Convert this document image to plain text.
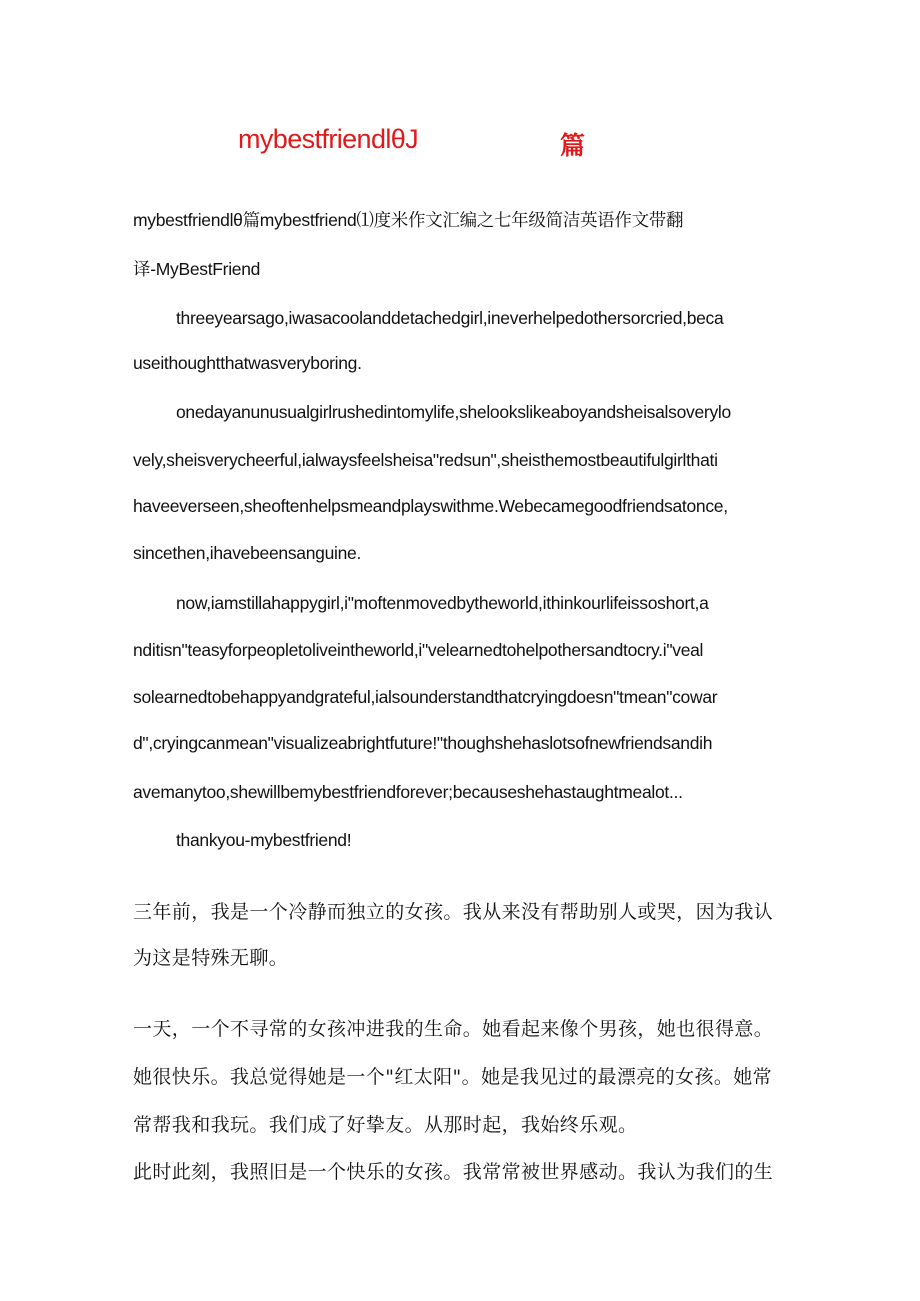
mybestfriendlθJ	篇
mybestfriendlθ篇mybestfriend⑴度米作文汇编之七年级简洁英语作文带翻
译-MyBestFriend
threeyearsago,iwasacoolanddetachedgirl,ineverhelpedothersorcried,beca
useithoughtthatwasveryboring.
onedayanunusualgirlrushedintomylife,shelookslikeaboyandsheisalsoverylo
vely,sheisverycheerful,ialwaysfeelsheisa"redsun",sheisthemostbeautifulgirlthati
haveeverseen,sheoftenhelpsmeandplayswithme.Webecamegoodfriendsatonce,
sincethen,ihavebeensanguine.
now,iamstillahappygirl,i"moftenmovedbytheworld,ithinkourlifeissoshort,a
nditisn"teasyforpeopletoliveintheworld,i"velearnedtohelpothersandtocry.i"veal
solearnedtobehappyandgrateful,ialsounderstandthatcryingdoesn"tmean"cowar
d",cryingcanmean"visualizeabrightfuture!"thoughshehaslotsofnewfriendsandih
avemanytoo,shewillbemybestfriendforever;becauseshehastaughtmealot...
thankyou-mybestfriend!
三年前，我是一个冷静而独立的女孩。我从来没有帮助别人或哭，因为我认
为这是特殊无聊。
一天，一个不寻常的女孩冲进我的生命。她看起来像个男孩，她也很得意。
她很快乐。我总觉得她是一个"红太阳"。她是我见过的最漂亮的女孩。她常
常帮我和我玩。我们成了好挚友。从那时起，我始终乐观。
此时此刻，我照旧是一个快乐的女孩。我常常被世界感动。我认为我们的生
